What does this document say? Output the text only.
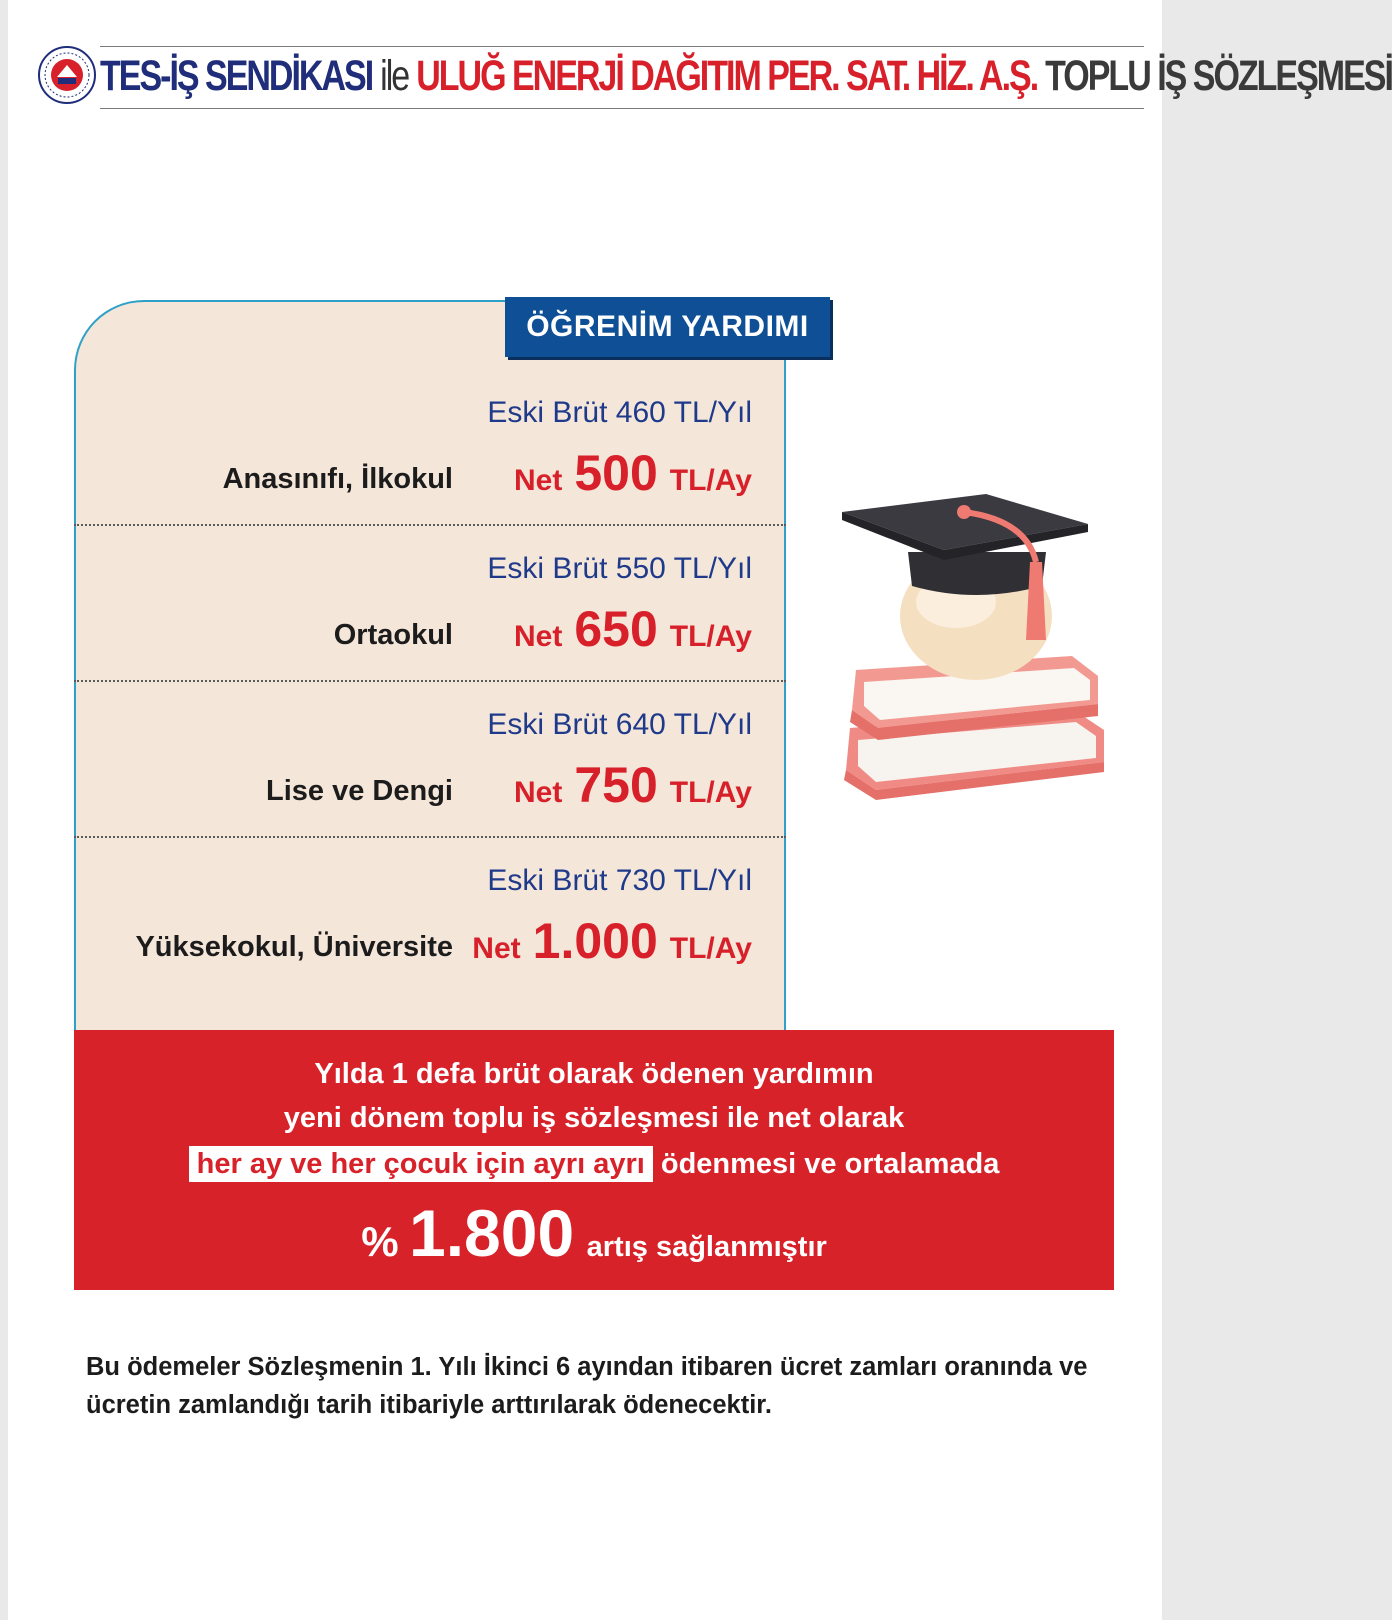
TES-İŞ SENDİKASI ile ULUĞ ENERJİ DAĞITIM PER. SAT. HİZ. A.Ş. TOPLU İŞ SÖZLEŞMESİ
ÖĞRENİM YARDIMI
Eski Brüt 460 TL/Yıl
Anasınıfı, İlkokul Net 500 TL/Ay
Eski Brüt 550 TL/Yıl
Ortaokul Net 650 TL/Ay
Eski Brüt 640 TL/Yıl
Lise ve Dengi Net 750 TL/Ay
Eski Brüt 730 TL/Yıl
Yüksekokul, Üniversite Net 1.000 TL/Ay
Yılda 1 defa brüt olarak ödenen yardımın
yeni dönem toplu iş sözleşmesi ile net olarak
her ay ve her çocuk için ayrı ayrı ödenmesi ve ortalamada
% 1.800 artış sağlanmıştır
Bu ödemeler Sözleşmenin 1. Yılı İkinci 6 ayından itibaren ücret zamları oranında ve ücretin zamlandığı tarih itibariyle arttırılarak ödenecektir.
